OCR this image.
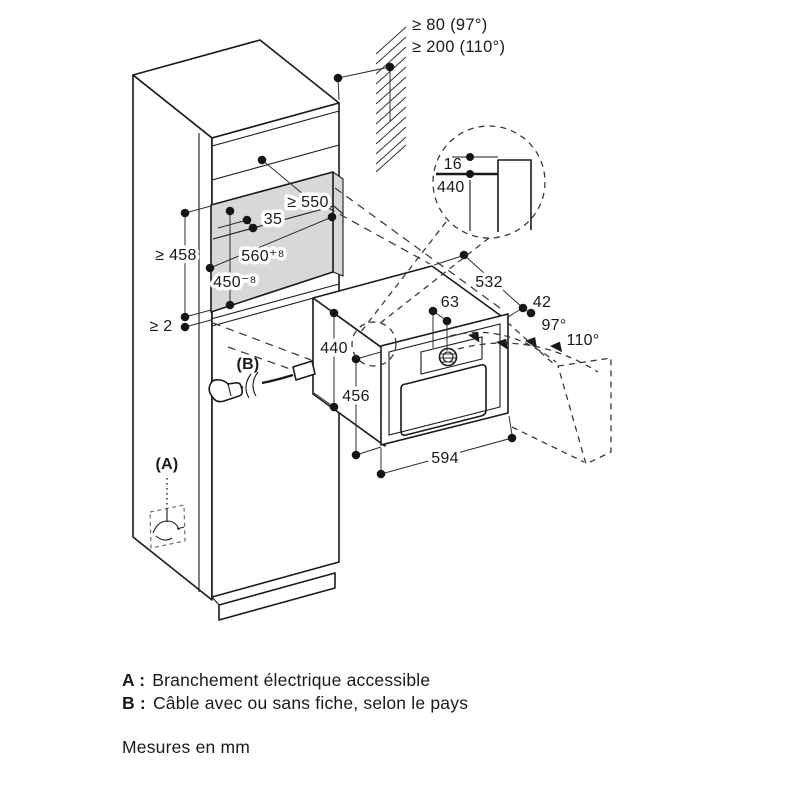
≥ 80 (97°)
≥ 200 (110°)
≥ 550
35
≥ 458	560⁺⁸
450⁻⁸
≥ 2
440
456
594
532
42
63
97°
110°
16
440
(B)
(A)
A : Branchement électrique accessible
B : Câble avec ou sans fiche, selon le pays
Mesures en mm
